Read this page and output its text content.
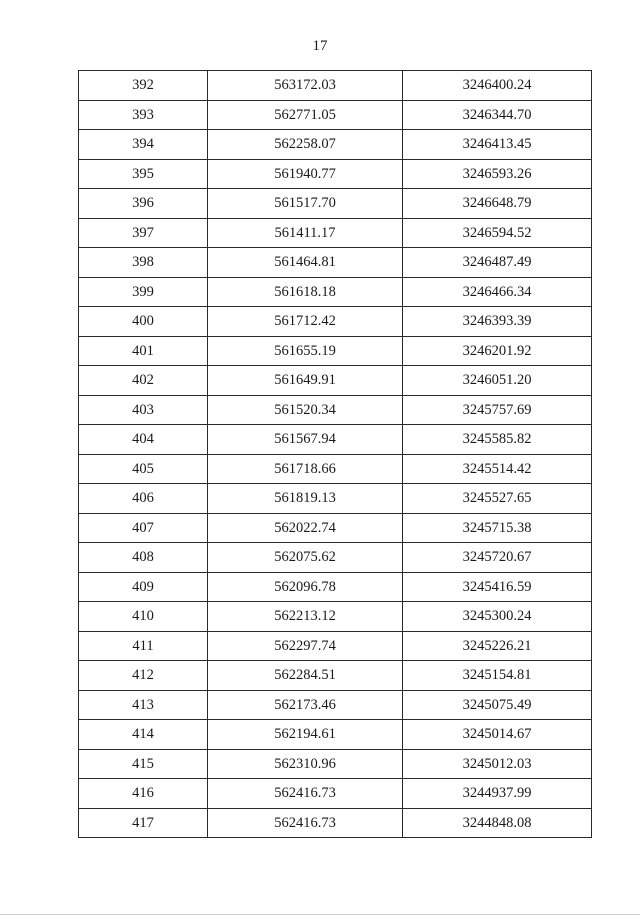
17
392	563172.03	3246400.24
393	562771.05	3246344.70
394	562258.07	3246413.45
395	561940.77	3246593.26
396	561517.70	3246648.79
397	561411.17	3246594.52
398	561464.81	3246487.49
399	561618.18	3246466.34
400	561712.42	3246393.39
401	561655.19	3246201.92
402	561649.91	3246051.20
403	561520.34	3245757.69
404	561567.94	3245585.82
405	561718.66	3245514.42
406	561819.13	3245527.65
407	562022.74	3245715.38
408	562075.62	3245720.67
409	562096.78	3245416.59
410	562213.12	3245300.24
411	562297.74	3245226.21
412	562284.51	3245154.81
413	562173.46	3245075.49
414	562194.61	3245014.67
415	562310.96	3245012.03
416	562416.73	3244937.99
417	562416.73	3244848.08
